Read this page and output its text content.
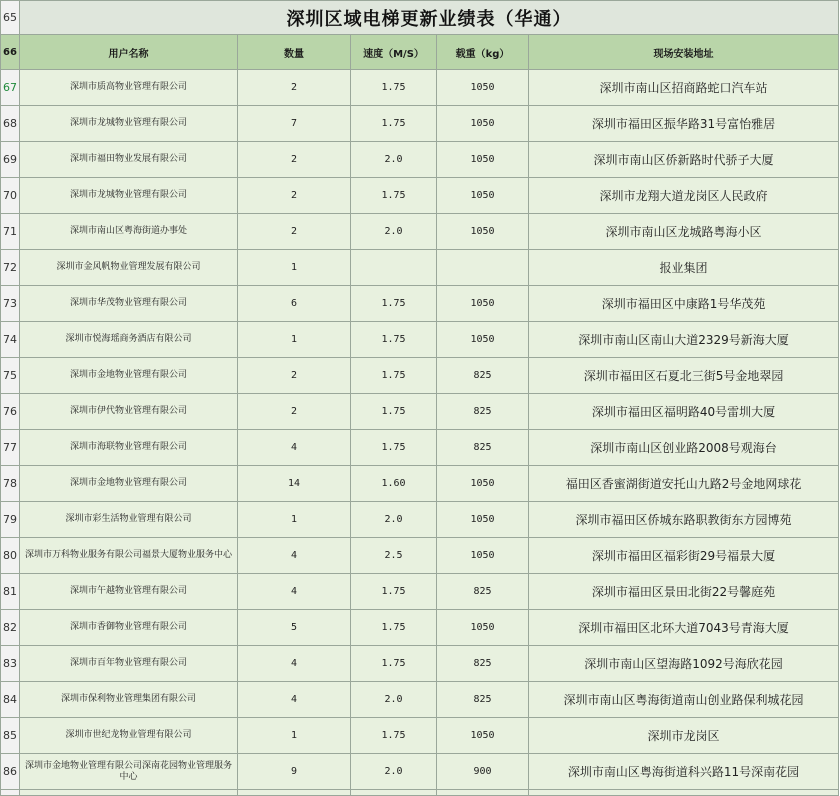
65	深圳区域电梯更新业绩表（华通）				
66	用户名称	数量	速度（M/S）	载重（kg）	现场安装地址
67	深圳市质高物业管理有限公司	2	1.75	1050	深圳市南山区招商路蛇口汽车站
68	深圳市龙城物业管理有限公司	7	1.75	1050	深圳市福田区振华路31号富怡雅居
69	深圳市福田物业发展有限公司	2	2.0	1050	深圳市南山区侨新路时代骄子大厦
70	深圳市龙城物业管理有限公司	2	1.75	1050	深圳市龙翔大道龙岗区人民政府
71	深圳市南山区粤海街道办事处	2	2.0	1050	深圳市南山区龙城路粤海小区
72	深圳市金风帆物业管理发展有限公司	1			报业集团
73	深圳市华茂物业管理有限公司	6	1.75	1050	深圳市福田区中康路1号华茂苑
74	深圳市悦海瑶商务酒店有限公司	1	1.75	1050	深圳市南山区南山大道2329号新海大厦
75	深圳市金地物业管理有限公司	2	1.75	825	深圳市福田区石夏北三街5号金地翠园
76	深圳市伊代物业管理有限公司	2	1.75	825	深圳市福田区福明路40号雷圳大厦
77	深圳市海联物业管理有限公司	4	1.75	825	深圳市南山区创业路2008号观海台
78	深圳市金地物业管理有限公司	14	1.60	1050	福田区香蜜湖街道安托山九路2号金地网球花
79	深圳市彩生活物业管理有限公司	1	2.0	1050	深圳市福田区侨城东路职教街东方园博苑
80	深圳市万科物业服务有限公司福景大厦物业服务中心	4	2.5	1050	深圳市福田区福彩街29号福景大厦
81	深圳市午越物业管理有限公司	4	1.75	825	深圳市福田区景田北街22号馨庭苑
82	深圳市香御物业管理有限公司	5	1.75	1050	深圳市福田区北环大道7043号青海大厦
83	深圳市百年物业管理有限公司	4	1.75	825	深圳市南山区望海路1092号海欣花园
84	深圳市保利物业管理集团有限公司	4	2.0	825	深圳市南山区粤海街道南山创业路保利城花园
85	深圳市世纪龙物业管理有限公司	1	1.75	1050	深圳市龙岗区
86	深圳市金地物业管理有限公司深南花园物业管理服务中心	9	2.0	900	深圳市南山区粤海街道科兴路11号深南花园
